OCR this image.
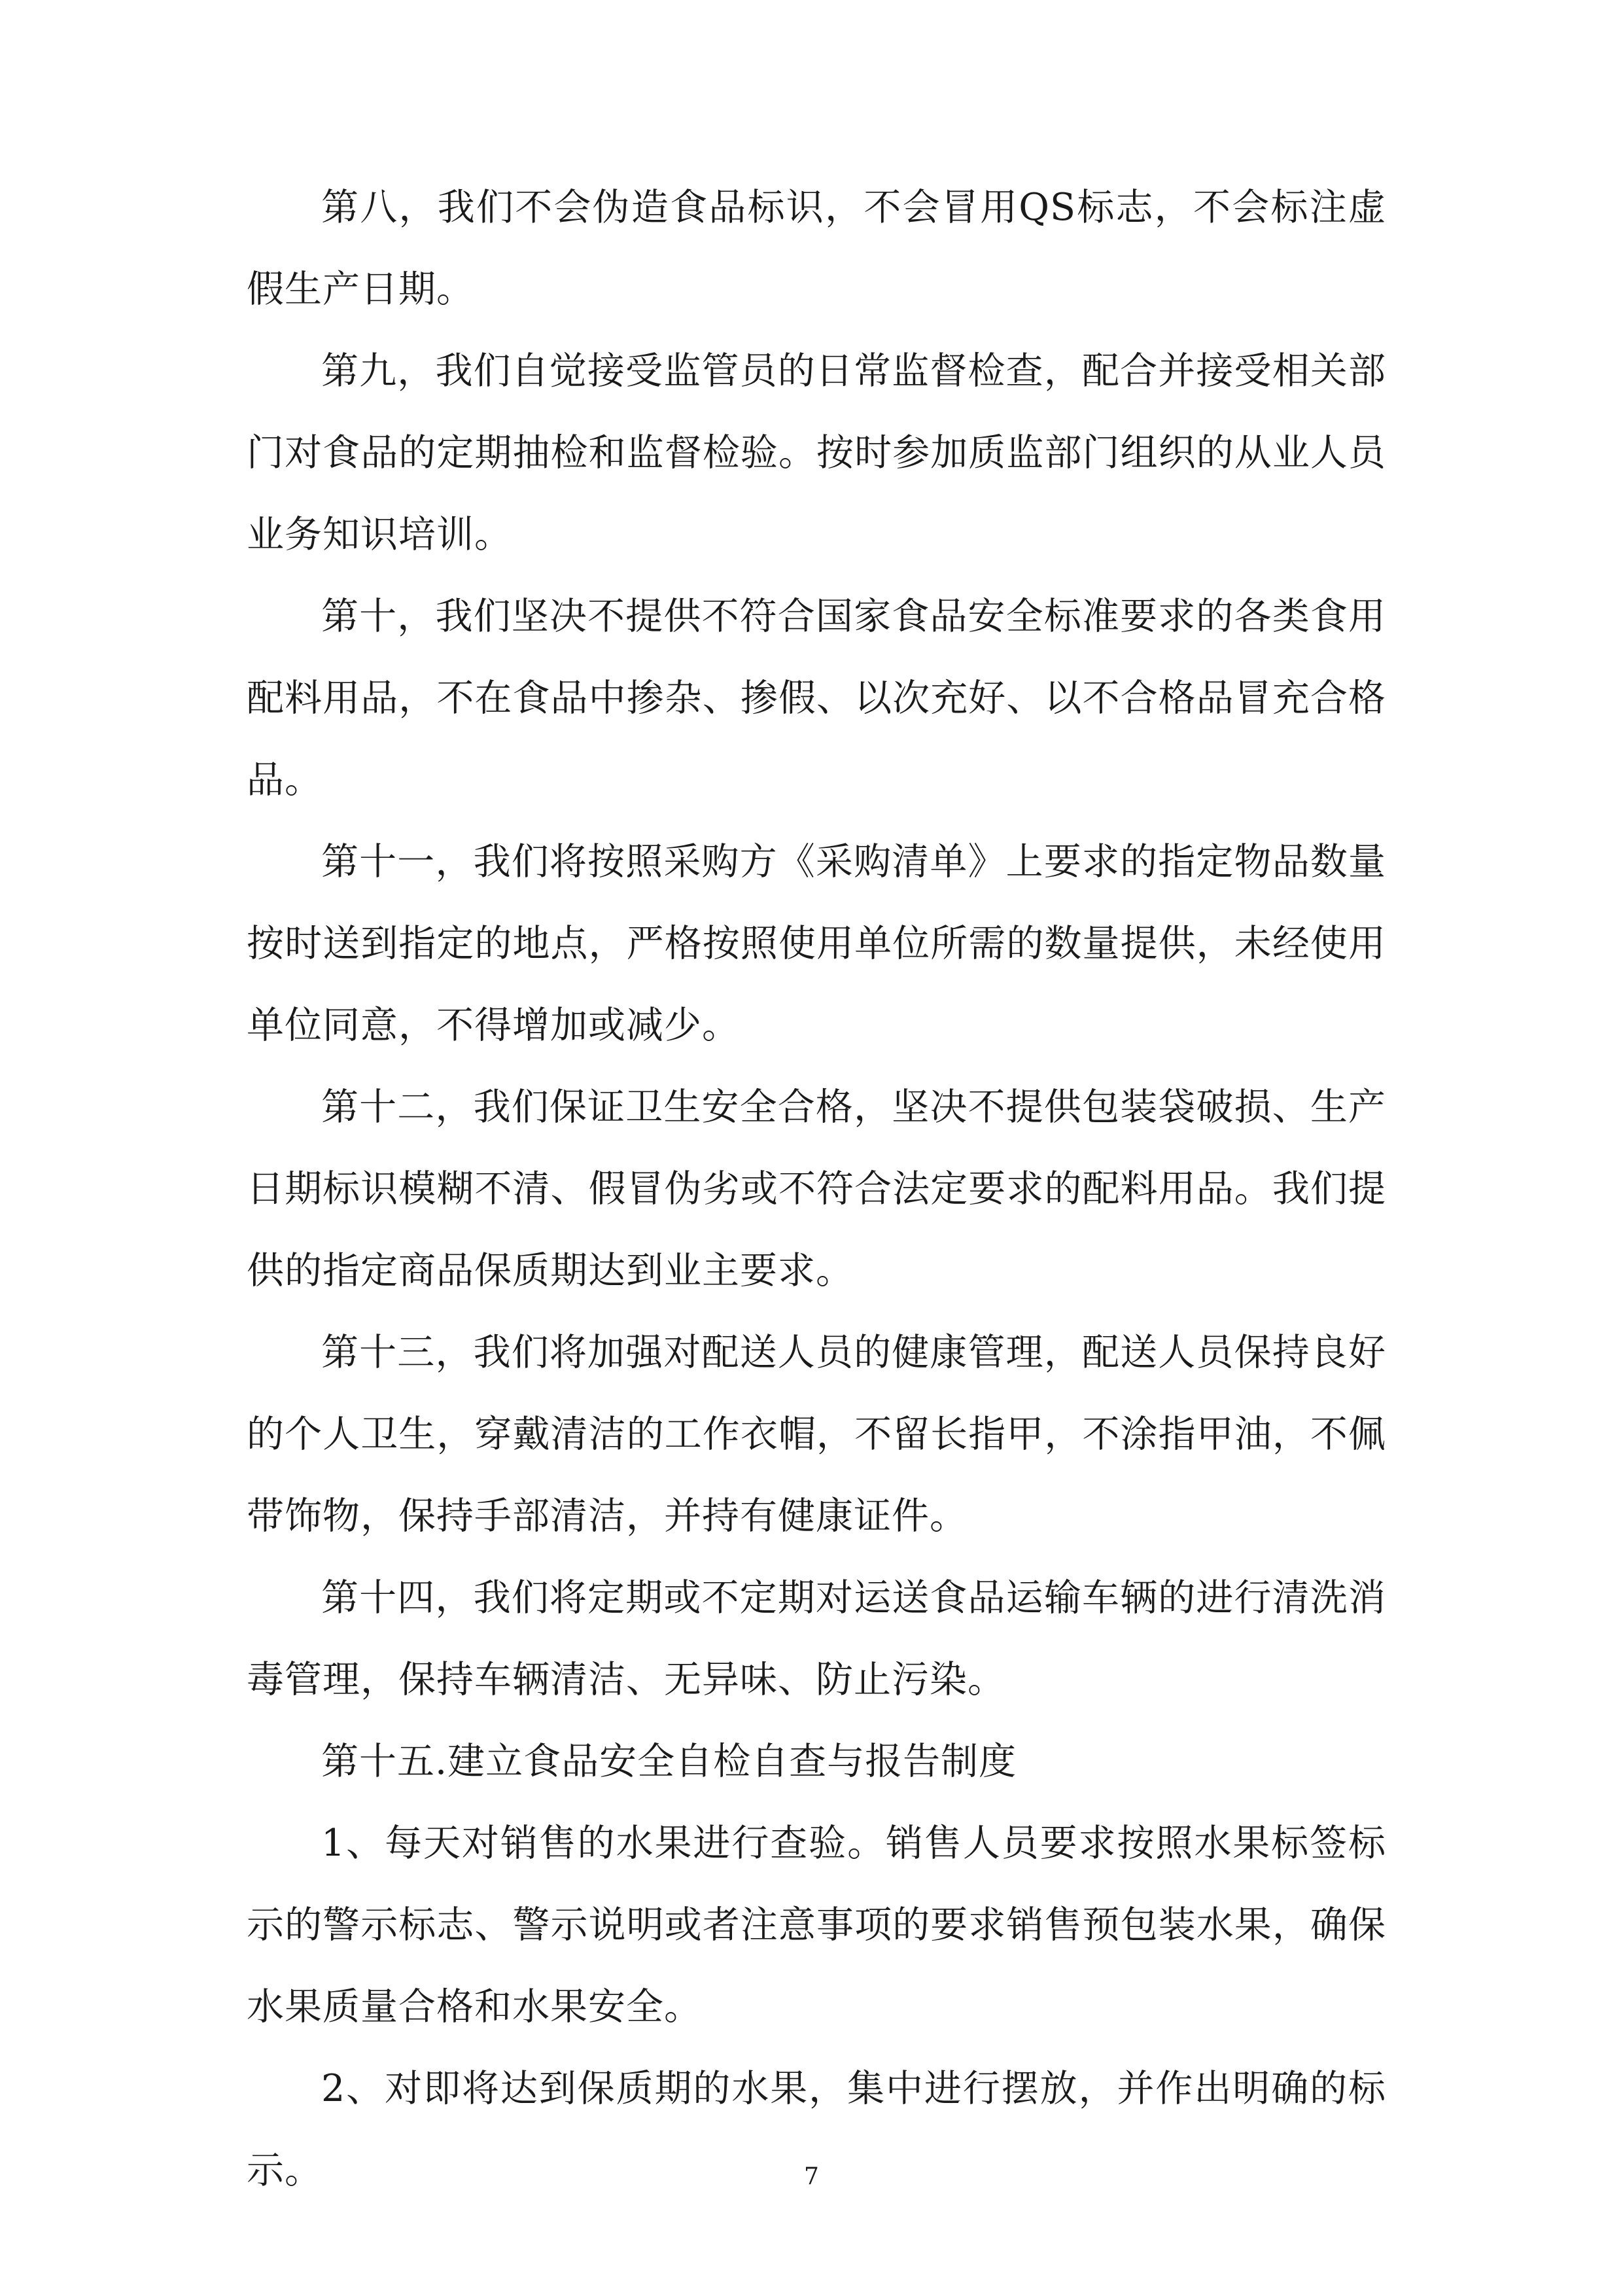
第八，我们不会伪造食品标识，不会冒用QS标志，不会标注虚假生产日期。

第九，我们自觉接受监管员的日常监督检查，配合并接受相关部门对食品的定期抽检和监督检验。按时参加质监部门组织的从业人员业务知识培训。

第十，我们坚决不提供不符合国家食品安全标准要求的各类食用配料用品，不在食品中掺杂、掺假、以次充好、以不合格品冒充合格品。

第十一，我们将按照采购方《采购清单》上要求的指定物品数量按时送到指定的地点，严格按照使用单位所需的数量提供，未经使用单位同意，不得增加或减少。

第十二，我们保证卫生安全合格，坚决不提供包装袋破损、生产日期标识模糊不清、假冒伪劣或不符合法定要求的配料用品。我们提供的指定商品保质期达到业主要求。

第十三，我们将加强对配送人员的健康管理，配送人员保持良好的个人卫生，穿戴清洁的工作衣帽，不留长指甲，不涂指甲油，不佩带饰物，保持手部清洁，并持有健康证件。

第十四，我们将定期或不定期对运送食品运输车辆的进行清洗消毒管理，保持车辆清洁、无异味、防止污染。

第十五.建立食品安全自检自查与报告制度

1、每天对销售的水果进行查验。销售人员要求按照水果标签标示的警示标志、警示说明或者注意事项的要求销售预包装水果，确保水果质量合格和水果安全。

2、对即将达到保质期的水果，集中进行摆放，并作出明确的标示。	7
